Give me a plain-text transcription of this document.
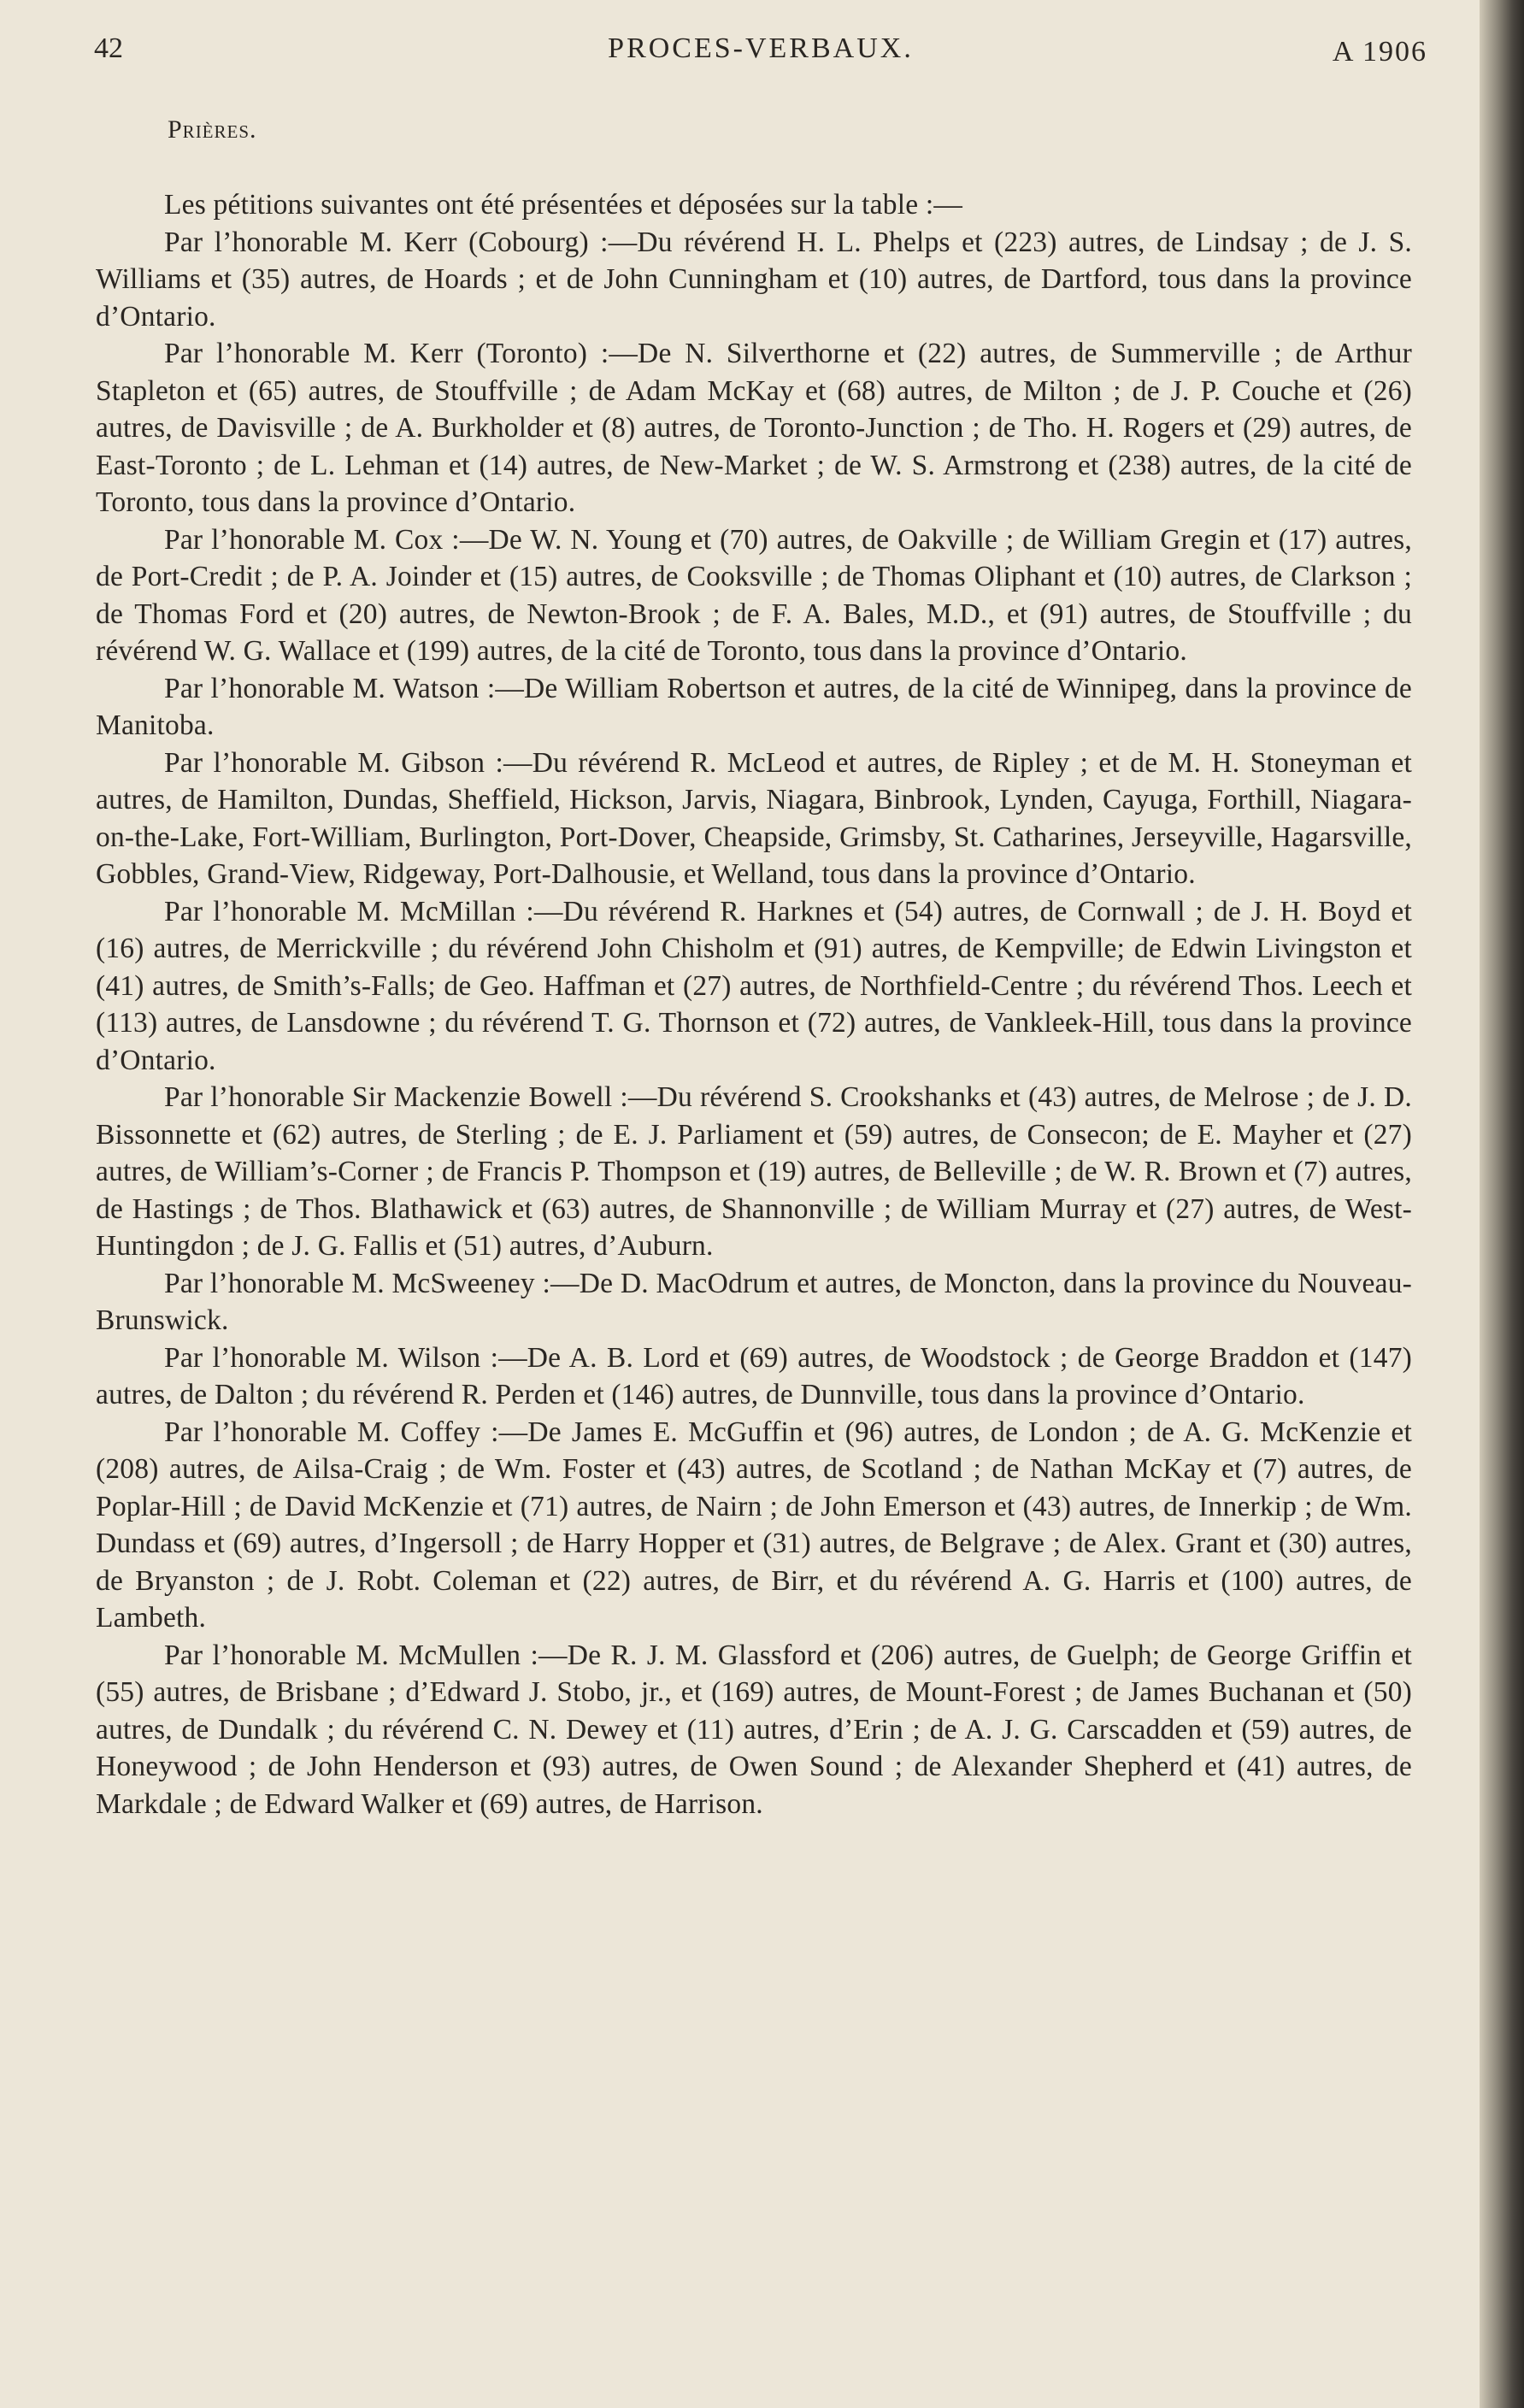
42	PROCES-VERBAUX.	A 1906
Prières.

Les pétitions suivantes ont été présentées et déposées sur la table :—

Par l’honorable M. Kerr (Cobourg) :—Du révérend H. L. Phelps et (223) autres, de Lindsay ; de J. S. Williams et (35) autres, de Hoards ; et de John Cunningham et (10) autres, de Dartford, tous dans la province d’Ontario.

Par l’honorable M. Kerr (Toronto) :—De N. Silverthorne et (22) autres, de Summerville ; de Arthur Stapleton et (65) autres, de Stouffville ; de Adam McKay et (68) autres, de Milton ; de J. P. Couche et (26) autres, de Davisville ; de A. Burkholder et (8) autres, de Toronto-Junction ; de Tho. H. Rogers et (29) autres, de East-Toronto ; de L. Lehman et (14) autres, de New-Market ; de W. S. Armstrong et (238) autres, de la cité de Toronto, tous dans la province d’Ontario.

Par l’honorable M. Cox :—De W. N. Young et (70) autres, de Oakville ; de William Gregin et (17) autres, de Port-Credit ; de P. A. Joinder et (15) autres, de Cooksville ; de Thomas Oliphant et (10) autres, de Clarkson ; de Thomas Ford et (20) autres, de Newton-Brook ; de F. A. Bales, M.D., et (91) autres, de Stouffville ; du révérend W. G. Wallace et (199) autres, de la cité de Toronto, tous dans la province d’Ontario.

Par l’honorable M. Watson :—De William Robertson et autres, de la cité de Winnipeg, dans la province de Manitoba.

Par l’honorable M. Gibson :—Du révérend R. McLeod et autres, de Ripley ; et de M. H. Stoneyman et autres, de Hamilton, Dundas, Sheffield, Hickson, Jarvis, Niagara, Binbrook, Lynden, Cayuga, Forthill, Niagara-on-the-Lake, Fort-William, Burlington, Port-Dover, Cheapside, Grimsby, St. Catharines, Jerseyville, Hagarsville, Gobbles, Grand-View, Ridgeway, Port-Dalhousie, et Welland, tous dans la province d’Ontario.

Par l’honorable M. McMillan :—Du révérend R. Harknes et (54) autres, de Cornwall ; de J. H. Boyd et (16) autres, de Merrickville ; du révérend John Chisholm et (91) autres, de Kempville; de Edwin Livingston et (41) autres, de Smith’s-Falls; de Geo. Haffman et (27) autres, de Northfield-Centre ; du révérend Thos. Leech et (113) autres, de Lansdowne ; du révérend T. G. Thornson et (72) autres, de Vankleek-Hill, tous dans la province d’Ontario.

Par l’honorable Sir Mackenzie Bowell :—Du révérend S. Crookshanks et (43) autres, de Melrose ; de J. D. Bissonnette et (62) autres, de Sterling ; de E. J. Parliament et (59) autres, de Consecon; de E. Mayher et (27) autres, de William’s-Corner ; de Francis P. Thompson et (19) autres, de Belleville ; de W. R. Brown et (7) autres, de Hastings ; de Thos. Blathawick et (63) autres, de Shannonville ; de William Murray et (27) autres, de West-Huntingdon ; de J. G. Fallis et (51) autres, d’Auburn.

Par l’honorable M. McSweeney :—De D. MacOdrum et autres, de Moncton, dans la province du Nouveau-Brunswick.

Par l’honorable M. Wilson :—De A. B. Lord et (69) autres, de Woodstock ; de George Braddon et (147) autres, de Dalton ; du révérend R. Perden et (146) autres, de Dunnville, tous dans la province d’Ontario.

Par l’honorable M. Coffey :—De James E. McGuffin et (96) autres, de London ; de A. G. McKenzie et (208) autres, de Ailsa-Craig ; de Wm. Foster et (43) autres, de Scotland ; de Nathan McKay et (7) autres, de Poplar-Hill ; de David McKenzie et (71) autres, de Nairn ; de John Emerson et (43) autres, de Innerkip ; de Wm. Dundass et (69) autres, d’Ingersoll ; de Harry Hopper et (31) autres, de Belgrave ; de Alex. Grant et (30) autres, de Bryanston ; de J. Robt. Coleman et (22) autres, de Birr, et du révérend A. G. Harris et (100) autres, de Lambeth.

Par l’honorable M. McMullen :—De R. J. M. Glassford et (206) autres, de Guelph; de George Griffin et (55) autres, de Brisbane ; d’Edward J. Stobo, jr., et (169) autres, de Mount-Forest ; de James Buchanan et (50) autres, de Dundalk ; du révérend C. N. Dewey et (11) autres, d’Erin ; de A. J. G. Carscadden et (59) autres, de Honeywood ; de John Henderson et (93) autres, de Owen Sound ; de Alexander Shepherd et (41) autres, de Markdale ; de Edward Walker et (69) autres, de Harrison.
